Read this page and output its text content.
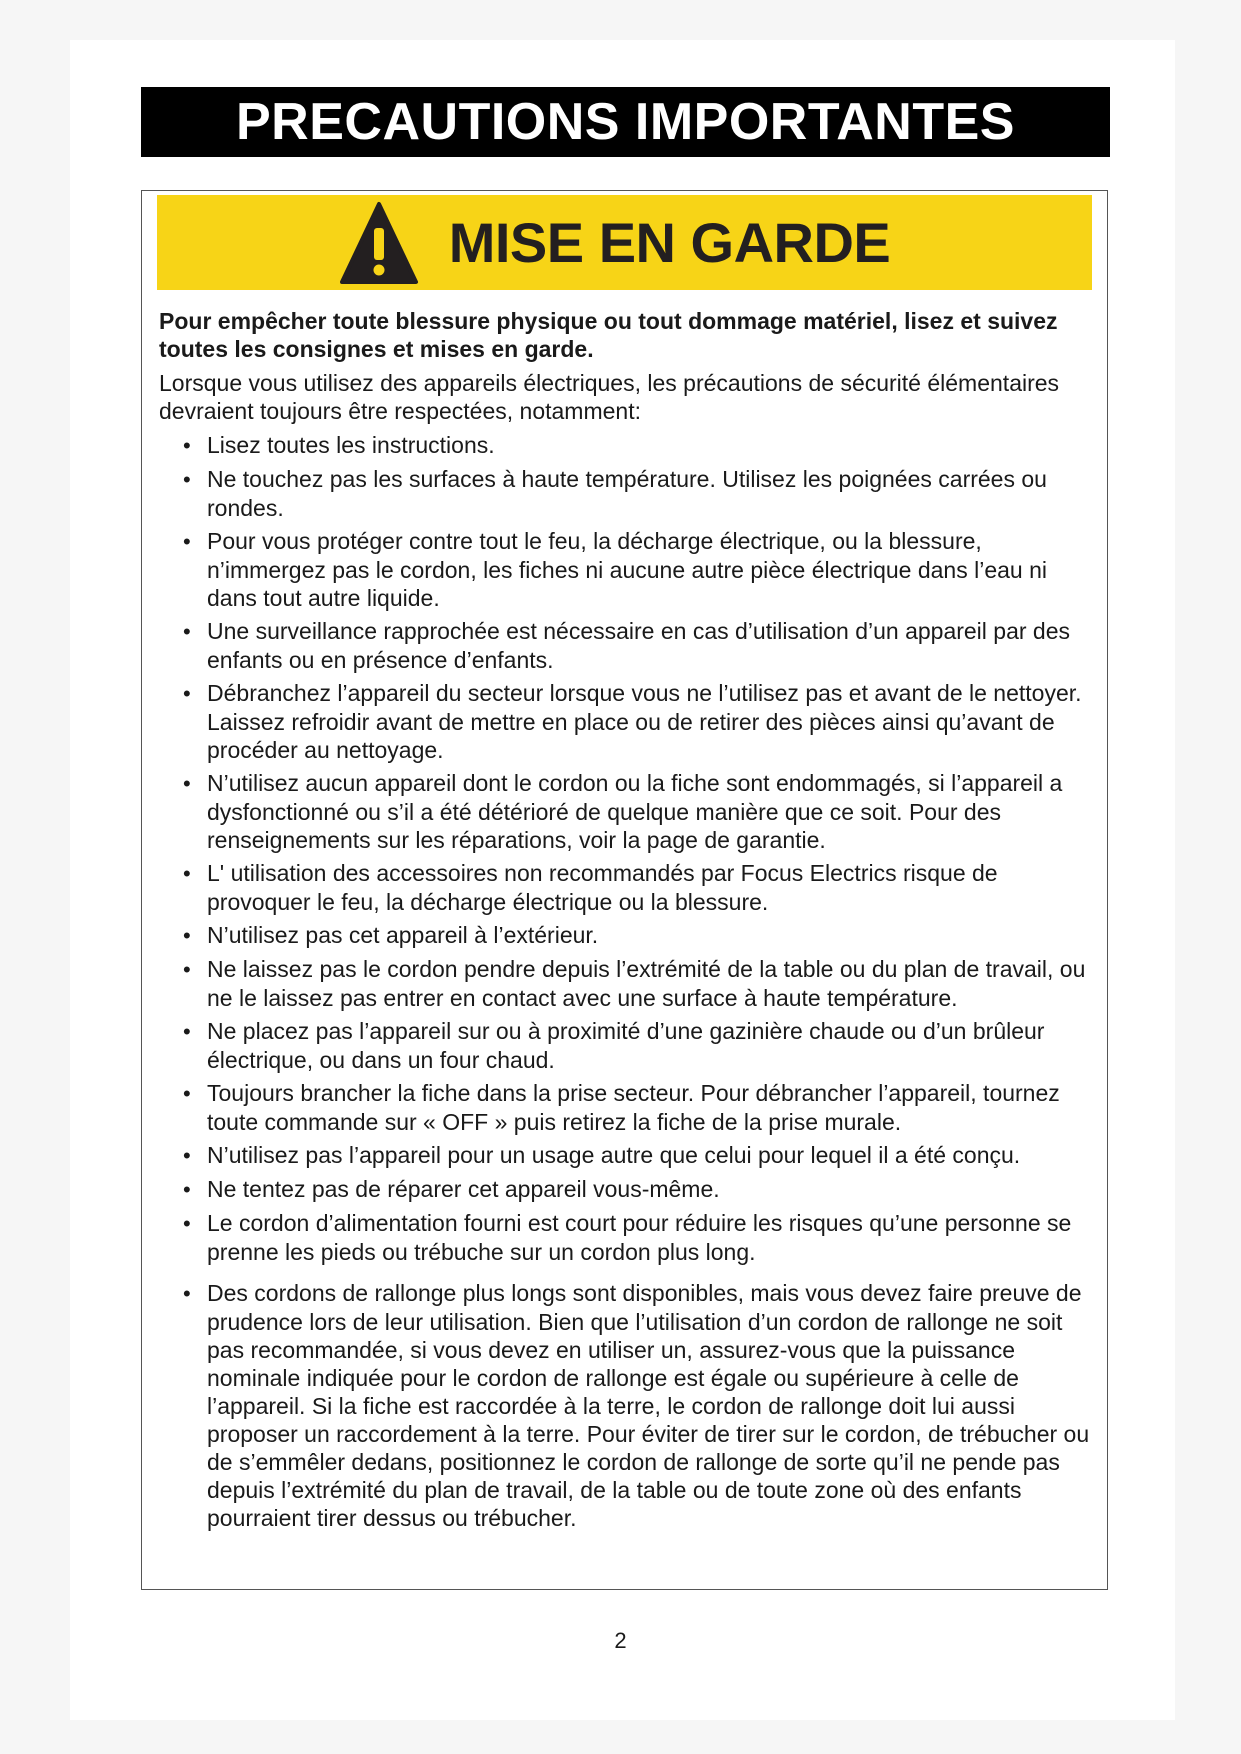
PRECAUTIONS IMPORTANTES
MISE EN GARDE

Pour empêcher toute blessure physique ou tout dommage matériel, lisez et suivez toutes les consignes et mises en garde.

Lorsque vous utilisez des appareils électriques, les précautions de sécurité élémentaires devraient toujours être respectées, notamment:

• Lisez toutes les instructions.
• Ne touchez pas les surfaces à haute température. Utilisez les poignées carrées ou rondes.
• Pour vous protéger contre tout le feu, la décharge électrique, ou la blessure, n’immergez pas le cordon, les fiches ni aucune autre pièce électrique dans l’eau ni dans tout autre liquide.
• Une surveillance rapprochée est nécessaire en cas d’utilisation d’un appareil par des enfants ou en présence d’enfants.
• Débranchez l’appareil du secteur lorsque vous ne l’utilisez pas et avant de le nettoyer. Laissez refroidir avant de mettre en place ou de retirer des pièces ainsi qu’avant de procéder au nettoyage.
• N’utilisez aucun appareil dont le cordon ou la fiche sont endommagés, si l’appareil a dysfonctionné ou s’il a été détérioré de quelque manière que ce soit. Pour des renseignements sur les réparations, voir la page de garantie.
• L' utilisation des accessoires non recommandés par Focus Electrics risque de provoquer le feu, la décharge électrique ou la blessure.
• N’utilisez pas cet appareil à l’extérieur.
• Ne laissez pas le cordon pendre depuis l’extrémité de la table ou du plan de travail, ou ne le laissez pas entrer en contact avec une surface à haute température.
• Ne placez pas l’appareil sur ou à proximité d’une gazinière chaude ou d’un brûleur électrique, ou dans un four chaud.
• Toujours brancher la fiche dans la prise secteur. Pour débrancher l’appareil, tournez toute commande sur « OFF » puis retirez la fiche de la prise murale.
• N’utilisez pas l’appareil pour un usage autre que celui pour lequel il a été conçu.
• Ne tentez pas de réparer cet appareil vous-même.
• Le cordon d’alimentation fourni est court pour réduire les risques qu’une personne se prenne les pieds ou trébuche sur un cordon plus long.
• Des cordons de rallonge plus longs sont disponibles, mais vous devez faire preuve de prudence lors de leur utilisation. Bien que l’utilisation d’un cordon de rallonge ne soit pas recommandée, si vous devez en utiliser un, assurez-vous que la puissance nominale indiquée pour le cordon de rallonge est égale ou supérieure à celle de l’appareil. Si la fiche est raccordée à la terre, le cordon de rallonge doit lui aussi proposer un raccordement à la terre. Pour éviter de tirer sur le cordon, de trébucher ou de s’emmêler dedans, positionnez le cordon de rallonge de sorte qu’il ne pende pas depuis l’extrémité du plan de travail, de la table ou de toute zone où des enfants pourraient tirer dessus ou trébucher.
2
